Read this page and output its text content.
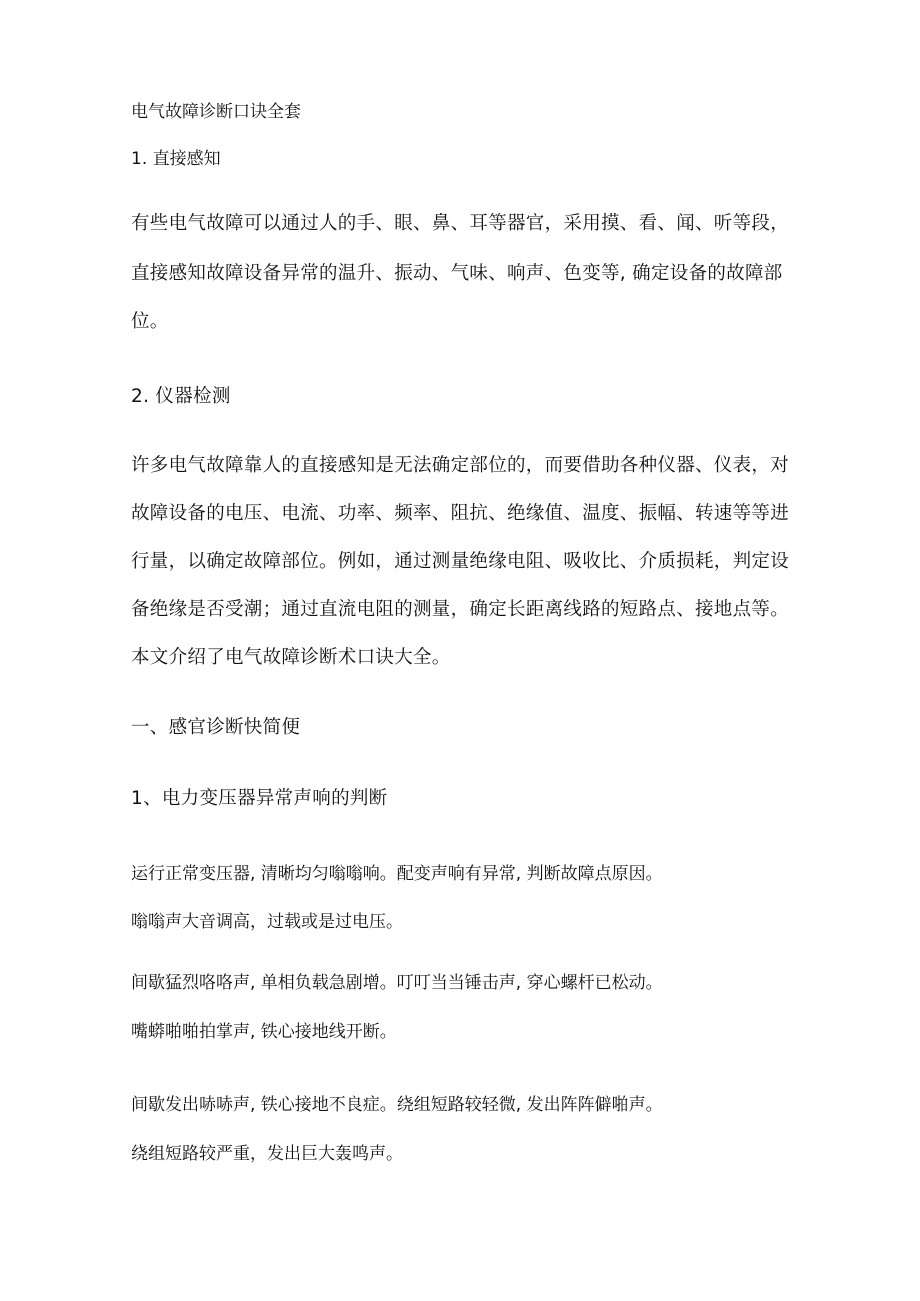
电气故障诊断口诀全套

1. 直接感知

有些电气故障可以通过人的手、眼、鼻、耳等器官，采用摸、看、闻、听等段，

直接感知故障设备异常的温升、振动、气味、响声、色变等, 确定设备的故障部

位。

2. 仪器检测

许多电气故障靠人的直接感知是无法确定部位的，而要借助各种仪器、仪表，对

故障设备的电压、电流、功率、频率、阻抗、绝缘值、温度、振幅、转速等等进

行量，以确定故障部位。例如，通过测量绝缘电阻、吸收比、介质损耗，判定设

备绝缘是否受潮；通过直流电阻的测量，确定长距离线路的短路点、接地点等。

本文介绍了电气故障诊断术口诀大全。

一、感官诊断快简便

1、电力变压器异常声响的判断

运行正常变压器, 清晰均匀嗡嗡响。配变声响有异常, 判断故障点原因。

嗡嗡声大音调高，过载或是过电压。

间歇猛烈咯咯声, 单相负载急剧增。叮叮当当锤击声, 穿心螺杆已松动。

嘴蟒啪啪拍掌声, 铁心接地线开断。

间歇发出哧哧声, 铁心接地不良症。绕组短路较轻微, 发出阵阵僻啪声。

绕组短路较严重，发出巨大轰鸣声。
